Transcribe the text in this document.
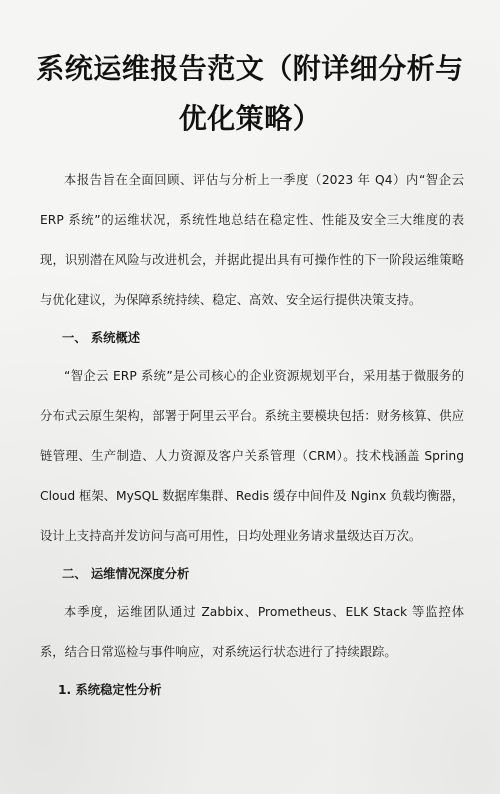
系统运维报告范文（附详细分析与优化策略）

本报告旨在全面回顾、评估与分析上一季度（2023 年 Q4）内“智企云 ERP 系统”的运维状况，系统性地总结在稳定性、性能及安全三大维度的表现，识别潜在风险与改进机会，并据此提出具有可操作性的下一阶段运维策略与优化建议，为保障系统持续、稳定、高效、安全运行提供决策支持。

一、 系统概述

“智企云 ERP 系统”是公司核心的企业资源规划平台，采用基于微服务的分布式云原生架构，部署于阿里云平台。系统主要模块包括：财务核算、供应链管理、生产制造、人力资源及客户关系管理（CRM）。技术栈涵盖 Spring Cloud 框架、MySQL 数据库集群、Redis 缓存中间件及 Nginx 负载均衡器，设计上支持高并发访问与高可用性，日均处理业务请求量级达百万次。

二、 运维情况深度分析

本季度，运维团队通过 Zabbix、Prometheus、ELK Stack 等监控体系，结合日常巡检与事件响应，对系统运行状态进行了持续跟踪。

1. 系统稳定性分析
